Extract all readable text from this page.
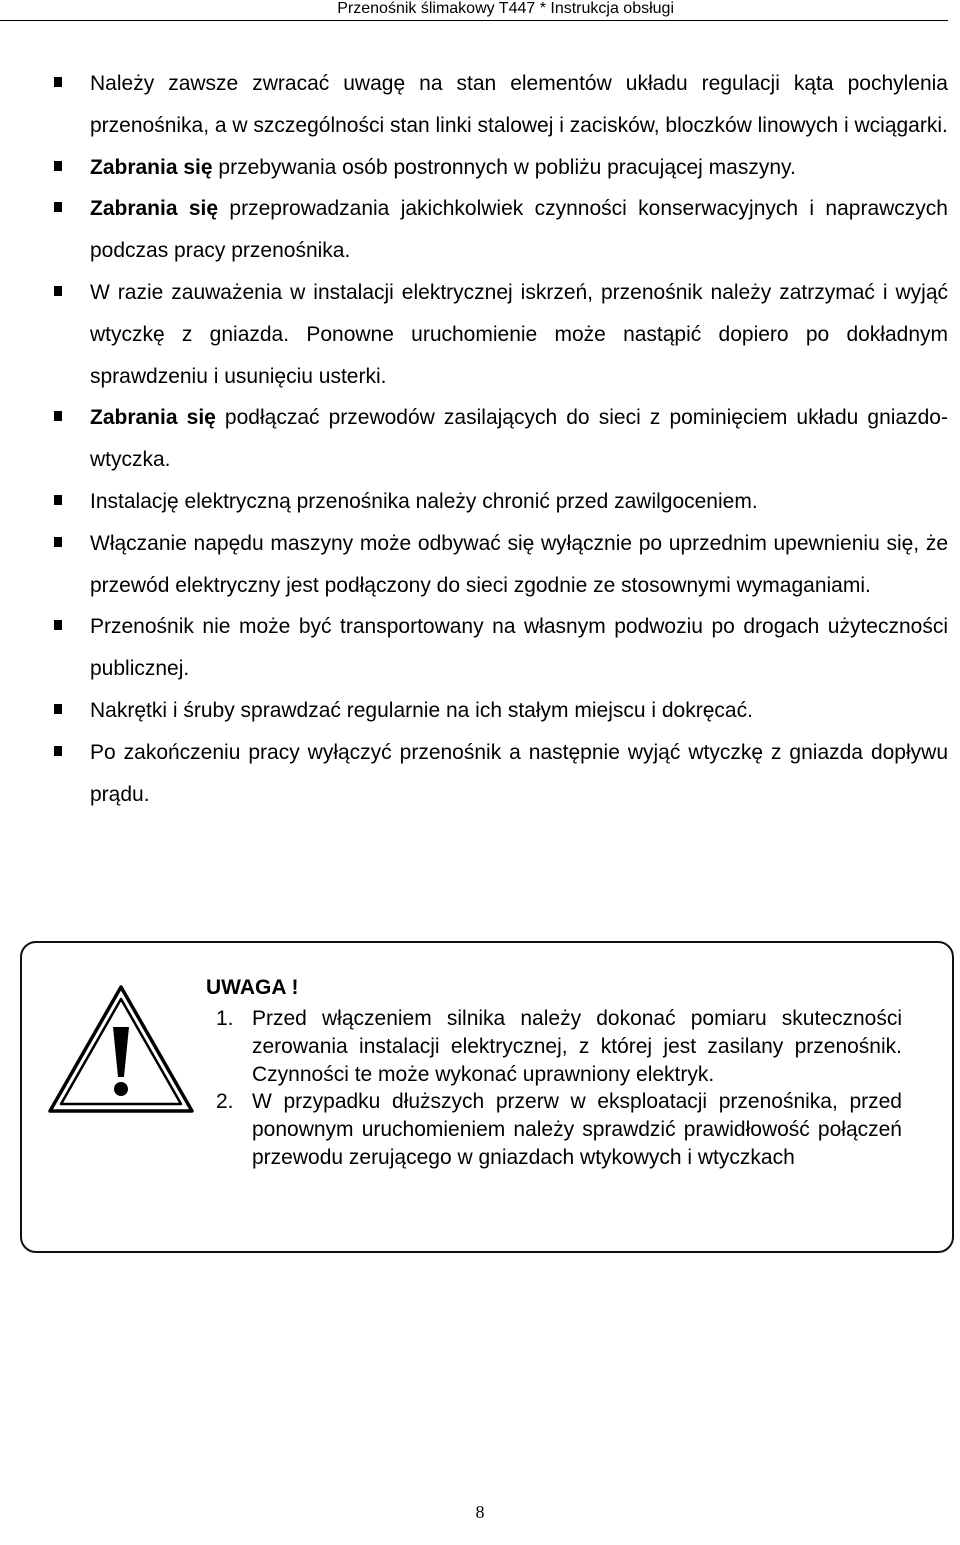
Przenośnik ślimakowy T447 * Instrukcja obsługi
Należy zawsze zwracać uwagę na stan elementów układu regulacji kąta pochylenia przenośnika, a w szczególności stan linki stalowej i zacisków, bloczków linowych i wciągarki.
Zabrania się przebywania osób postronnych w pobliżu pracującej maszyny.
Zabrania się przeprowadzania jakichkolwiek czynności konserwacyjnych i naprawczych podczas pracy przenośnika.
W razie zauważenia w instalacji elektrycznej iskrzeń, przenośnik należy zatrzymać i wyjąć wtyczkę z gniazda. Ponowne uruchomienie może nastąpić dopiero po dokładnym sprawdzeniu i usunięciu usterki.
Zabrania się podłączać przewodów zasilających do sieci z pominięciem układu gniazdo-wtyczka.
Instalację elektryczną przenośnika należy chronić przed zawilgoceniem.
Włączanie napędu maszyny może odbywać się wyłącznie po uprzednim upewnieniu się, że przewód elektryczny jest podłączony do sieci zgodnie ze stosownymi wymaganiami.
Przenośnik nie może być transportowany na własnym podwoziu po drogach użyteczności publicznej.
Nakrętki i śruby sprawdzać regularnie na ich stałym miejscu i dokręcać.
Po zakończeniu pracy wyłączyć przenośnik a następnie wyjąć wtyczkę z gniazda dopływu prądu.
UWAGA !
1. Przed włączeniem silnika należy dokonać pomiaru skuteczności zerowania instalacji elektrycznej, z której jest zasilany przenośnik. Czynności te może wykonać uprawniony elektryk.
2. W przypadku dłuższych przerw w eksploatacji przenośnika, przed ponownym uruchomieniem należy sprawdzić prawidłowość połączeń przewodu zerującego w gniazdach wtykowych i wtyczkach
8
